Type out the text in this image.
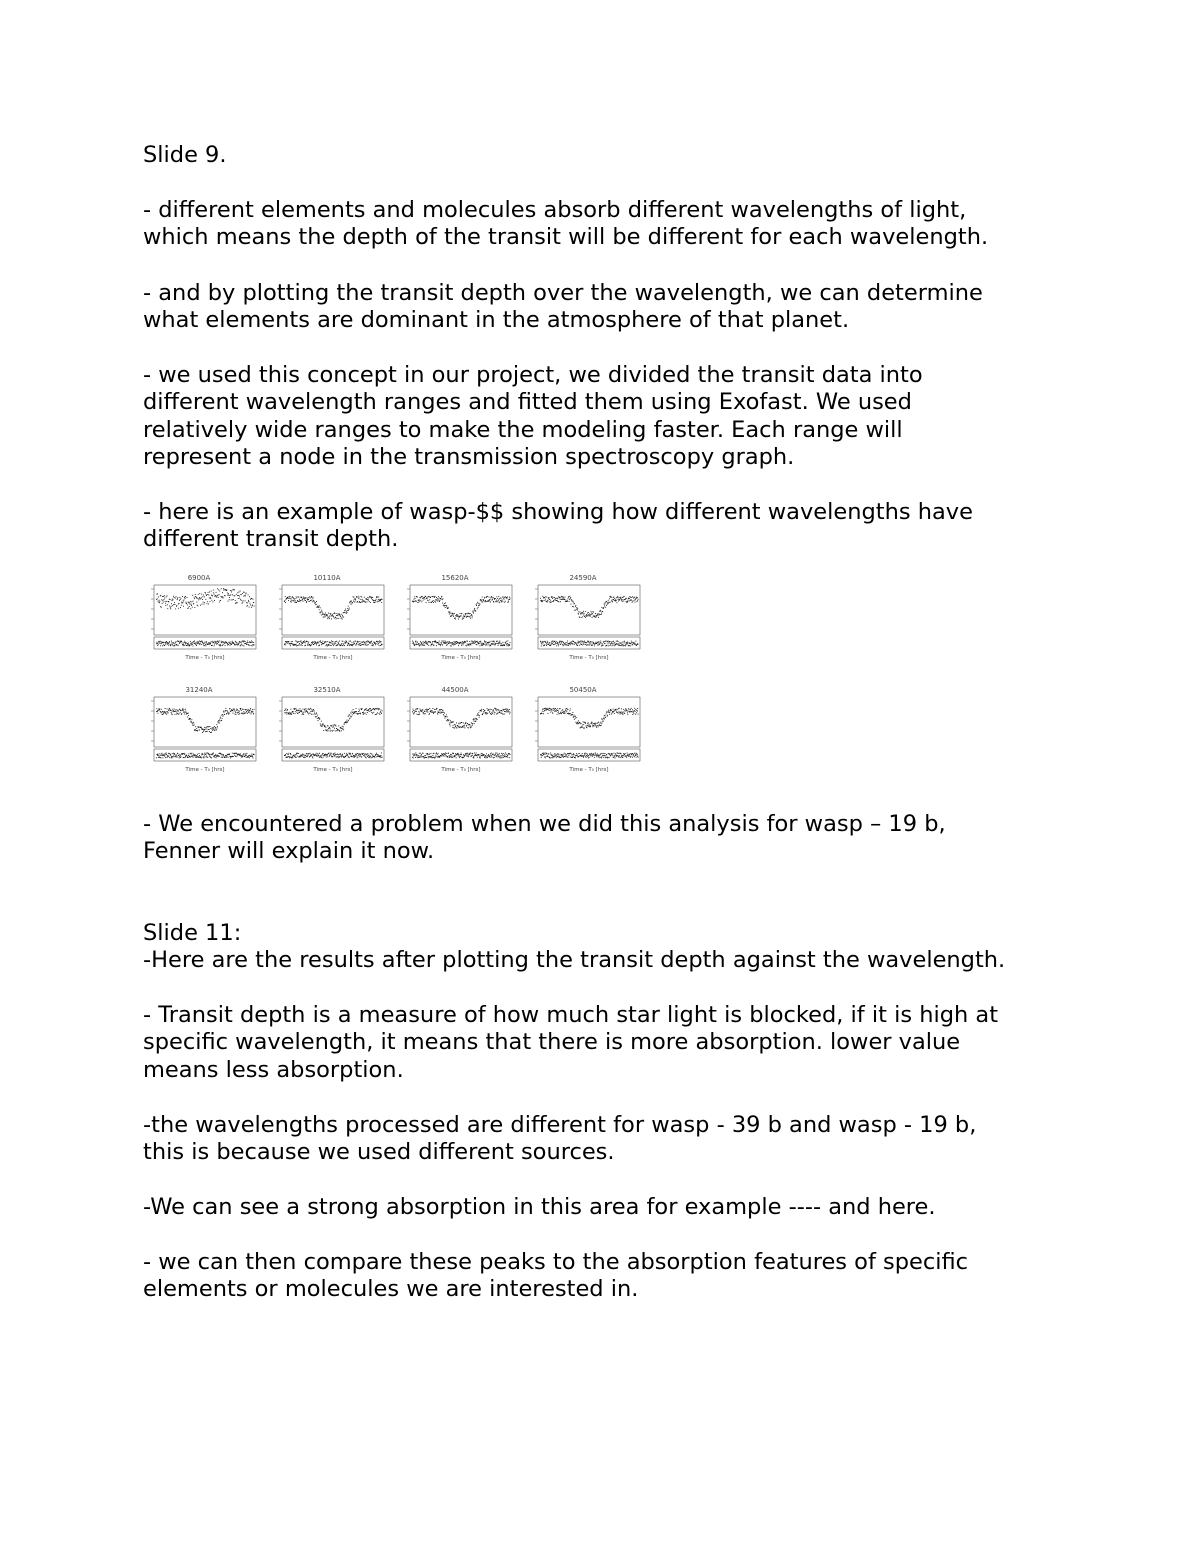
Slide 9.

- different elements and molecules absorb different wavelengths of light,
which means the depth of the transit will be different for each wavelength.
- and by plotting the transit depth over the wavelength, we can determine
what elements are dominant in the atmosphere of that planet.
- we used this concept in our project, we divided the transit data into
different wavelength ranges and fitted them using Exofast. We used
relatively wide ranges to make the modeling faster. Each range will
represent a node in the transmission spectroscopy graph.
- here is an example of wasp-$$ showing how different wavelengths have
different transit depth.
6900A
Time - T₀ [hrs]
10110A
Time - T₀ [hrs]
15620A
Time - T₀ [hrs]
24590A
Time - T₀ [hrs]
31240A
Time - T₀ [hrs]
32510A
Time - T₀ [hrs]
44500A
Time - T₀ [hrs]
50450A
Time - T₀ [hrs]
- We encountered a problem when we did this analysis for wasp – 19 b,
Fenner will explain it now.

Slide 11:

-Here are the results after plotting the transit depth against the wavelength.
- Transit depth is a measure of how much star light is blocked, if it is high at
specific wavelength, it means that there is more absorption. lower value
means less absorption.
-the wavelengths processed are different for wasp - 39 b and wasp - 19 b,
this is because we used different sources.
-We can see a strong absorption in this area for example ---- and here.
- we can then compare these peaks to the absorption features of specific
elements or molecules we are interested in.
